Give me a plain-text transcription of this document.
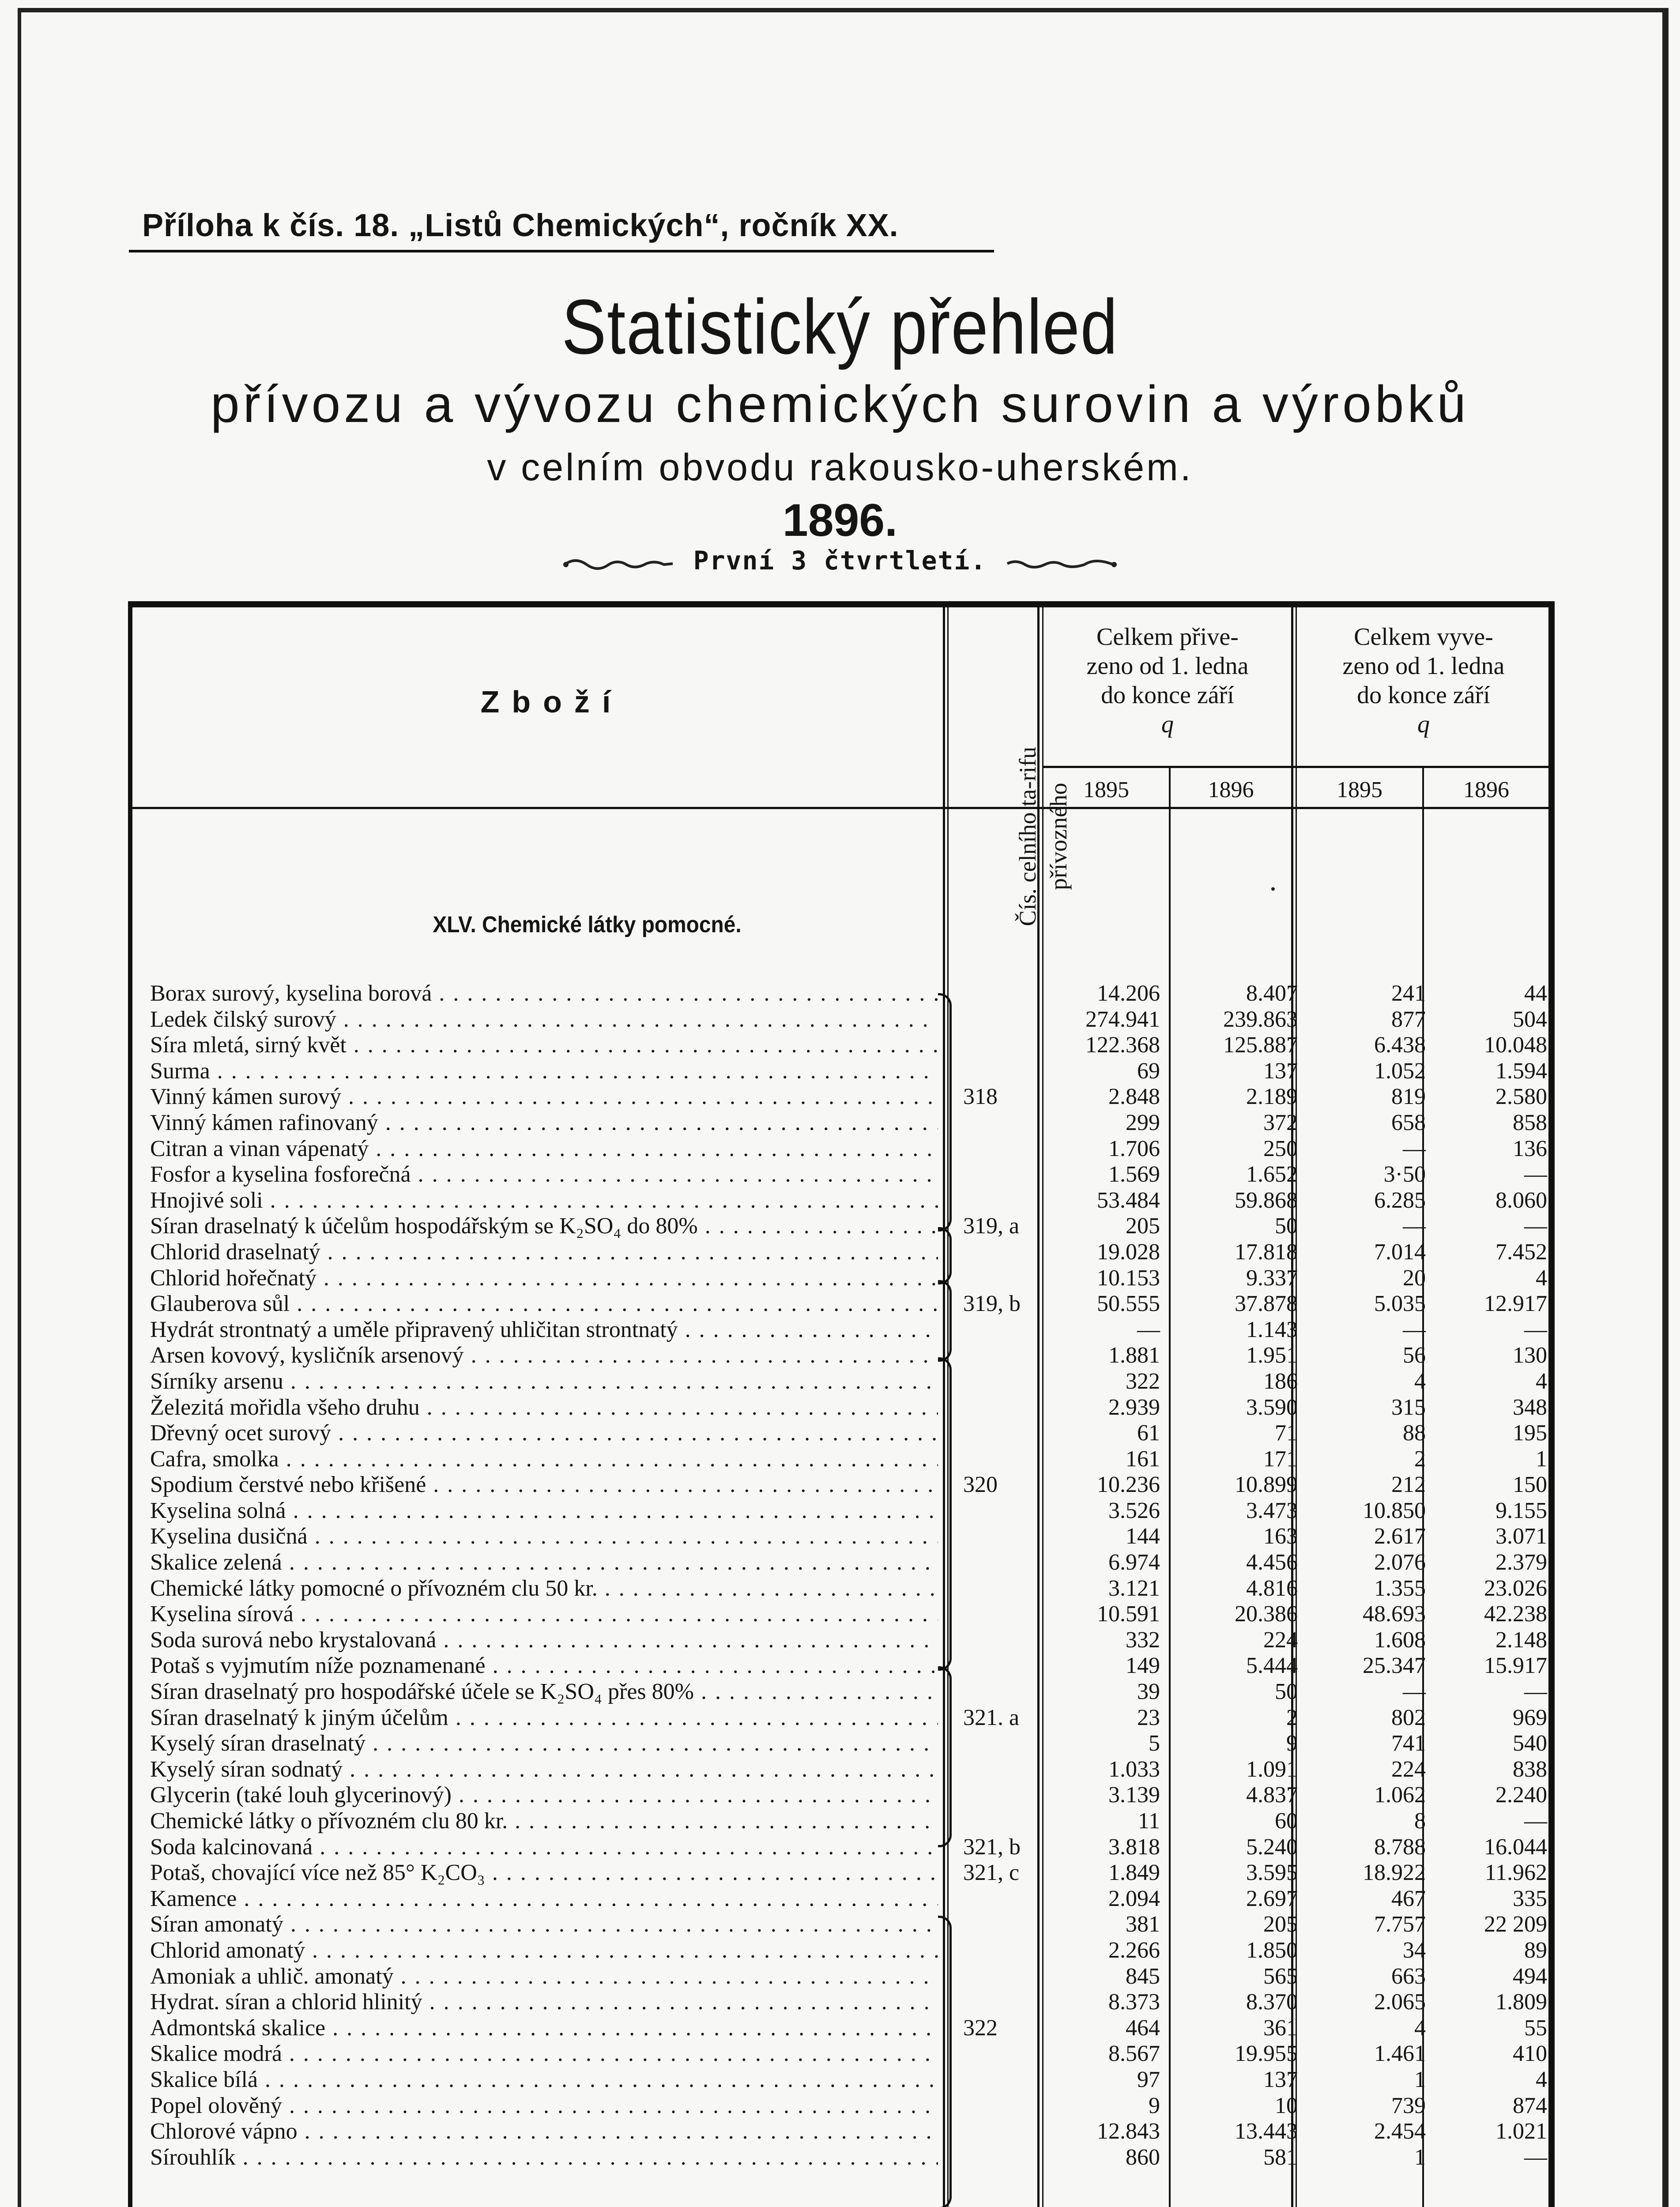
Příloha k čís. 18. „Listů Chemických“, ročník XX.
Statistický přehled
přívozu a vývozu chemických surovin a výrobků
v celním obvodu rakousko-uherském.
1896.
První 3 čtvrtletí.
Zboží
Čís. celního ta-rifu přívozného
Celkem přive-
zeno od 1. ledna
do konce září
q
Celkem vyve-
zeno od 1. ledna
do konce září
q
1895	1896	1895	1896
XLV. Chemické látky pomocné.
Borax surový, kyselina borová . . .	14.206	8.407	241	44
Ledek čilský surový . . .	274.941	239.863	877	504
Síra mletá, sirný květ . . .	122.368	125.887	6.438	10.048
Surma . . .	69	137	1.052	1.594
Vinný kámen surový . . .	318	2.848	2.189	819	2.580
Vinný kámen rafinovaný . . .	299	372	658	858
Citran a vinan vápenatý . . .	1.706	250	—	136
Fosfor a kyselina fosforečná . . .	1.569	1.652	3·50	—
Hnojivé soli . . .	53.484	59.868	6.285	8.060
Síran draselnatý k účelům hospodářským se K₂SO₄ do 80% . . .	319, a	205	50	—	—
Chlorid draselnatý . . .	19.028	17.818	7.014	7.452
Chlorid hořečnatý . . .	10.153	9.337	20	4
Glauberova sůl . . .	319, b	50.555	37.878	5.035	12.917
Hydrát strontnatý a uměle připravený uhličitan strontnatý . . .	—	1.143	—	—
Arsen kovový, kysličník arsenový . . .	1.881	1.951	56	130
Sírníky arsenu . . .	322	186	4	4
Železitá mořidla všeho druhu . . .	2.939	3.590	315	348
Dřevný ocet surový . . .	61	71	88	195
Cafra, smolka . . .	161	171	2	1
Spodium čerstvé nebo křišené . . .	320	10.236	10.899	212	150
Kyselina solná . . .	3.526	3.473	10.850	9.155
Kyselina dusičná . . .	144	163	2.617	3.071
Skalice zelená . . .	6.974	4.456	2.076	2.379
Chemické látky pomocné o přívozném clu 50 kr. . . .	3.121	4.816	1.355	23.026
Kyselina sírová . . .	10.591	20.386	48.693	42.238
Soda surová nebo krystalovaná . . .	332	224	1.608	2.148
Potaš s vyjmutím níže poznamenané . . .	149	5.444	25.347	15.917
Síran draselnatý pro hospodářské účele se K₂SO₄ přes 80% . . .	39	50	—	—
Síran draselnatý k jiným účelům . . .	321. a	23	2	802	969
Kyselý síran draselnatý . . .	5	9	741	540
Kyselý síran sodnatý . . .	1.033	1.091	224	838
Glycerin (také louh glycerinový) . . .	3.139	4.837	1.062	2.240
Chemické látky o přívozném clu 80 kr. . . .	11	60	8	—
Soda kalcinovaná . . .	321, b	3.818	5.240	8.788	16.044
Potaš, chovající více než 85° K₂CO₃ . . .	321, c	1.849	3.595	18.922	11.962
Kamence . . .	2.094	2.697	467	335
Síran amonatý . . .	381	205	7.757	22 209
Chlorid amonatý . . .	2.266	1.850	34	89
Amoniak a uhlič. amonatý . . .	845	565	663	494
Hydrat. síran a chlorid hlinitý . . .	8.373	8.370	2.065	1.809
Admontská skalice . . .	322	464	361	4	55
Skalice modrá . . .	8.567	19.955	1.461	410
Skalice bílá . . .	97	137	1	4
Popel olověný . . .	9	10	739	874
Chlorové vápno . . .	12.843	13.443	2.454	1.021
Sírouhlík . . .	860	581	1	—
